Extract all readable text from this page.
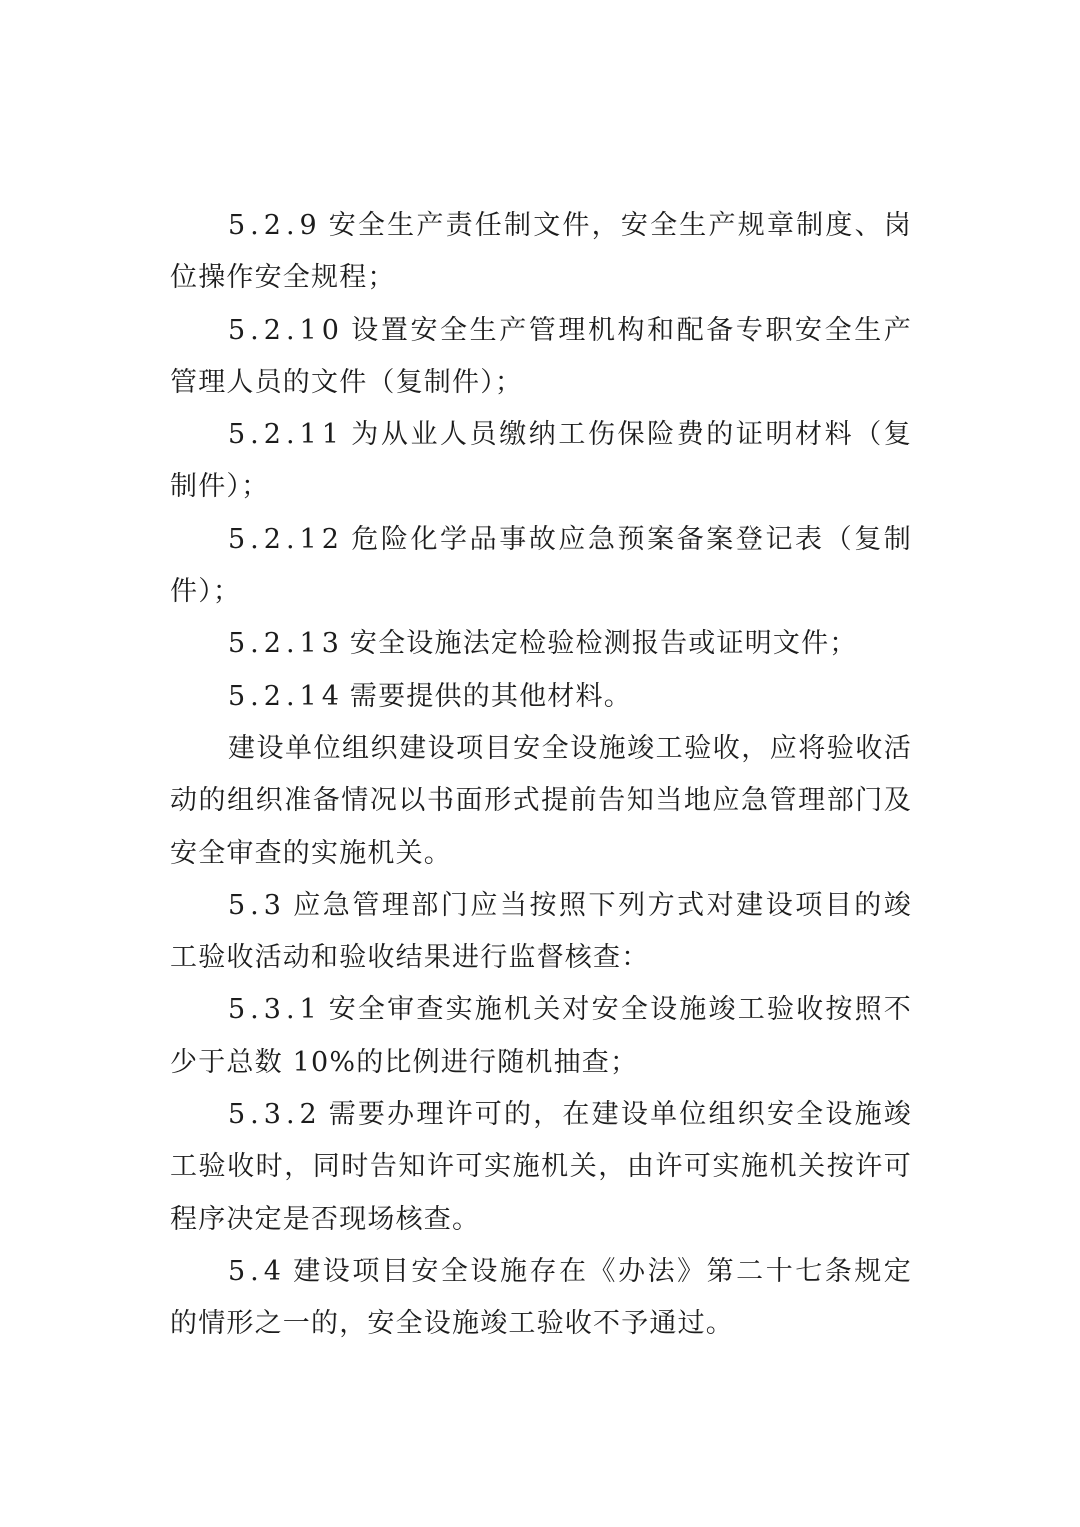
5.2.9 安全生产责任制文件，安全生产规章制度、岗位操作安全规程；

5.2.10 设置安全生产管理机构和配备专职安全生产管理人员的文件（复制件）；

5.2.11 为从业人员缴纳工伤保险费的证明材料（复制件）；

5.2.12 危险化学品事故应急预案备案登记表（复制件）；

5.2.13 安全设施法定检验检测报告或证明文件；

5.2.14 需要提供的其他材料。

建设单位组织建设项目安全设施竣工验收，应将验收活动的组织准备情况以书面形式提前告知当地应急管理部门及安全审查的实施机关。

5.3 应急管理部门应当按照下列方式对建设项目的竣工验收活动和验收结果进行监督核查：

5.3.1 安全审查实施机关对安全设施竣工验收按照不少于总数 10%的比例进行随机抽查；

5.3.2 需要办理许可的，在建设单位组织安全设施竣工验收时，同时告知许可实施机关，由许可实施机关按许可程序决定是否现场核查。

5.4 建设项目安全设施存在《办法》第二十七条规定的情形之一的，安全设施竣工验收不予通过。
